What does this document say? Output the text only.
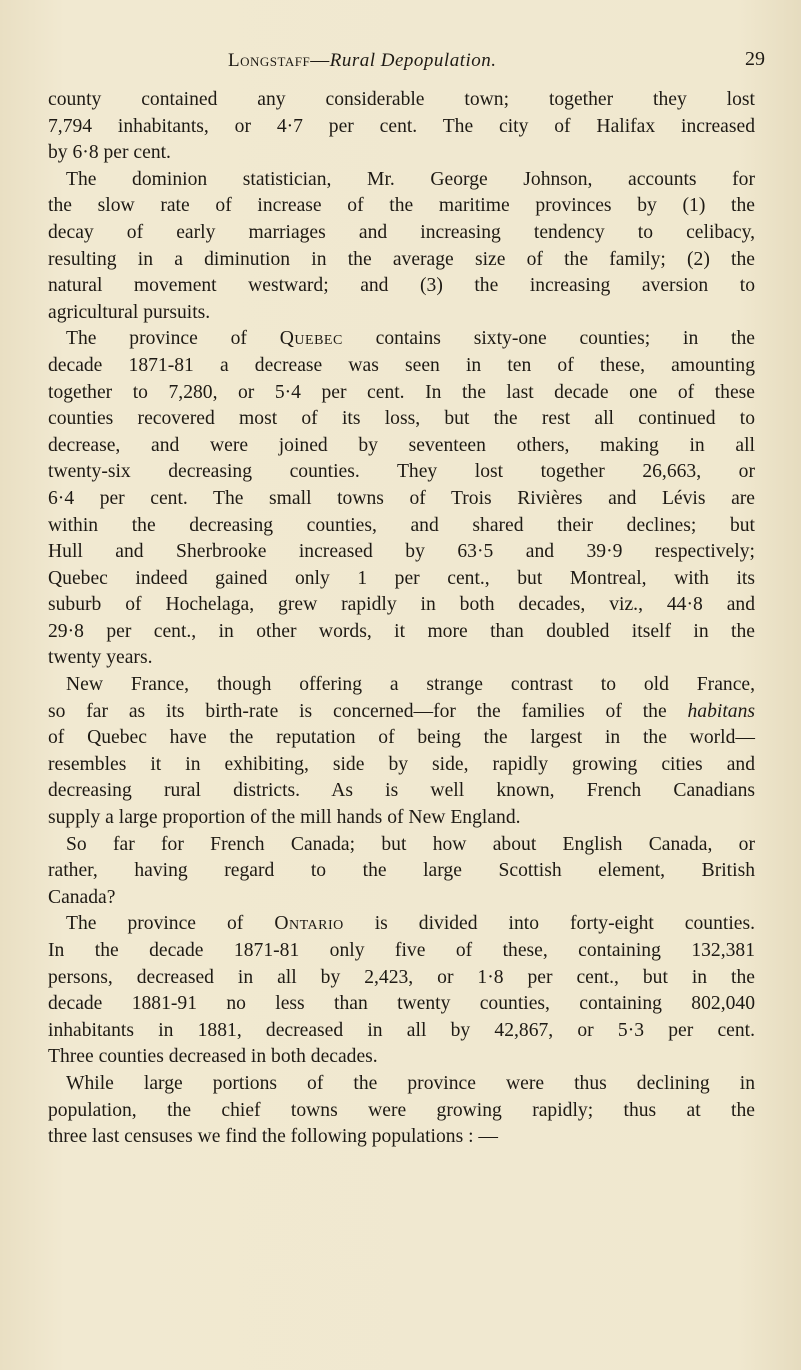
Longstaff—Rural Depopulation.	29
county contained any considerable town; together they lost
7,794 inhabitants, or 4·7 per cent. The city of Halifax increased
by 6·8 per cent.
The dominion statistician, Mr. George Johnson, accounts for
the slow rate of increase of the maritime provinces by (1) the
decay of early marriages and increasing tendency to celibacy,
resulting in a diminution in the average size of the family; (2) the
natural movement westward; and (3) the increasing aversion to
agricultural pursuits.
The province of Quebec contains sixty-one counties; in the
decade 1871-81 a decrease was seen in ten of these, amounting
together to 7,280, or 5·4 per cent. In the last decade one of these
counties recovered most of its loss, but the rest all continued to
decrease, and were joined by seventeen others, making in all
twenty-six decreasing counties. They lost together 26,663, or
6·4 per cent. The small towns of Trois Rivières and Lévis are
within the decreasing counties, and shared their declines; but
Hull and Sherbrooke increased by 63·5 and 39·9 respectively;
Quebec indeed gained only 1 per cent., but Montreal, with its
suburb of Hochelaga, grew rapidly in both decades, viz., 44·8 and
29·8 per cent., in other words, it more than doubled itself in the
twenty years.
New France, though offering a strange contrast to old France,
so far as its birth-rate is concerned—for the families of the habitans
of Quebec have the reputation of being the largest in the world—
resembles it in exhibiting, side by side, rapidly growing cities and
decreasing rural districts. As is well known, French Canadians
supply a large proportion of the mill hands of New England.
So far for French Canada; but how about English Canada, or
rather, having regard to the large Scottish element, British
Canada?
The province of Ontario is divided into forty-eight counties.
In the decade 1871-81 only five of these, containing 132,381
persons, decreased in all by 2,423, or 1·8 per cent., but in the
decade 1881-91 no less than twenty counties, containing 802,040
inhabitants in 1881, decreased in all by 42,867, or 5·3 per cent.
Three counties decreased in both decades.
While large portions of the province were thus declining in
population, the chief towns were growing rapidly; thus at the
three last censuses we find the following populations : —
